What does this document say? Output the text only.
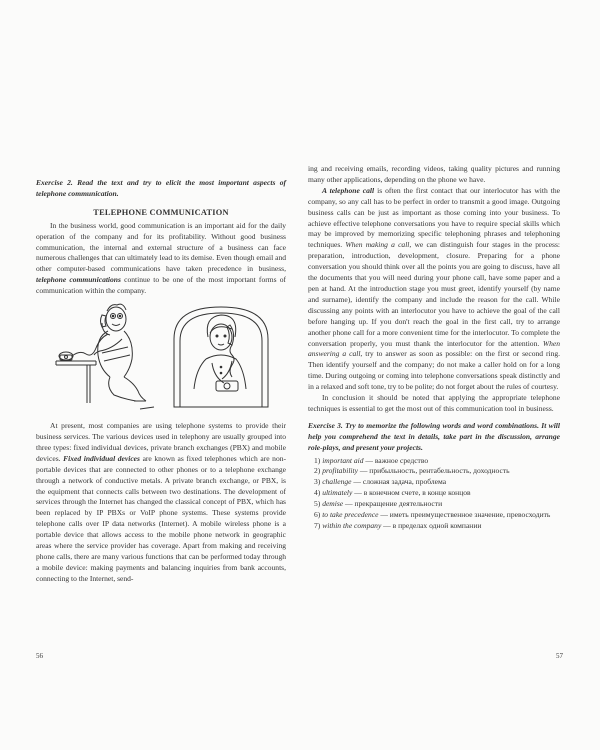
Exercise 2. Read the text and try to elicit the most important aspects of telephone communication.

TELEPHONE COMMUNICATION

In the business world, good communication is an important aid for the daily operation of the company and for its profitability. Without good business communication, the internal and external structure of a business can face numerous challenges that can ultimately lead to its demise. Even though email and other computer-based communications have taken precedence in business, telephone communications continue to be one of the most important forms of communication within the company.

At present, most companies are using telephone systems to provide their business services. The various devices used in telephony are usually grouped into three types: fixed individual devices, private branch exchanges (PBX) and mobile devices. Fixed individual devices are known as fixed telephones which are non-portable devices that are connected to other phones or to a telephone exchange through a network of conductive metals. A private branch exchange, or PBX, is the equipment that connects calls between two destinations. The development of services through the Internet has changed the classical concept of PBX, which has been replaced by IP PBXs or VoIP phone systems. These systems provide telephone calls over IP data networks (Internet). A mobile wireless phone is a portable device that allows access to the mobile phone network in geographic areas where the service provider has coverage. Apart from making and receiving phone calls, there are many various functions that can be performed today through a mobile device: making payments and balancing inquiries from bank accounts, connecting to the Internet, send-

56

ing and receiving emails, recording videos, taking quality pictures and running many other applications, depending on the phone we have.

A telephone call is often the first contact that our interlocutor has with the company, so any call has to be perfect in order to transmit a good image. Outgoing business calls can be just as important as those coming into your business. To achieve effective telephone conversations you have to require special skills which may be improved by memorizing specific telephoning phrases and telephoning techniques. When making a call, we can distinguish four stages in the process: preparation, introduction, development, closure. Preparing for a phone conversation you should think over all the points you are going to discuss, have all the documents that you will need during your phone call, have some paper and a pen at hand. At the introduction stage you must greet, identify yourself (by name and surname), identify the company and include the reason for the call. While discussing any points with an interlocutor you have to achieve the goal of the call before hanging up. If you don't reach the goal in the first call, try to arrange another phone call for a more convenient time for the interlocutor. To complete the conversation properly, you must thank the interlocutor for the attention. When answering a call, try to answer as soon as possible: on the first or second ring. Then identify yourself and the company; do not make a caller hold on for a long time. During outgoing or coming into telephone conversations speak distinctly and in a relaxed and soft tone, try to be polite; do not forget about the rules of courtesy.

In conclusion it should be noted that applying the appropriate telephone techniques is essential to get the most out of this communication tool in business.

Exercise 3. Try to memorize the following words and word combinations. It will help you comprehend the text in details, take part in the discussion, arrange role-plays, and present your projects.

1) important aid — важное средство
2) profitability — прибыльность, рентабельность, доходность
3) challenge — сложная задача, проблема
4) ultimately — в конечном счете, в конце концов
5) demise — прекращение деятельности
6) to take precedence — иметь преимущественное значение, превосходить
7) within the company — в пределах одной компании
57
